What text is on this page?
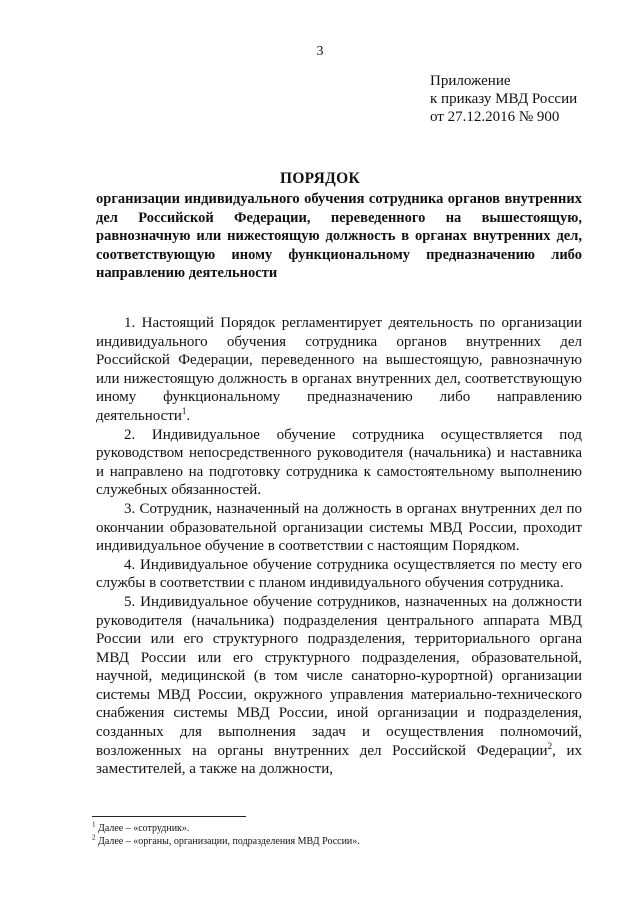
3
Приложение
к приказу МВД России
от 27.12.2016 № 900
ПОРЯДОК
организации индивидуального обучения сотрудника органов внутренних дел Российской Федерации, переведенного на вышестоящую, равнозначную или нижестоящую должность в органах внутренних дел, соответствующую иному функциональному предназначению либо направлению деятельности

1. Настоящий Порядок регламентирует деятельность по организации индивидуального обучения сотрудника органов внутренних дел Российской Федерации, переведенного на вышестоящую, равнозначную или нижестоящую должность в органах внутренних дел, соответствующую иному функциональному предназначению либо направлению деятельности$^1$.

2. Индивидуальное обучение сотрудника осуществляется под руководством непосредственного руководителя (начальника) и наставника и направлено на подготовку сотрудника к самостоятельному выполнению служебных обязанностей.

3. Сотрудник, назначенный на должность в органах внутренних дел по окончании образовательной организации системы МВД России, проходит индивидуальное обучение в соответствии с настоящим Порядком.

4. Индивидуальное обучение сотрудника осуществляется по месту его службы в соответствии с планом индивидуального обучения сотрудника.

5. Индивидуальное обучение сотрудников, назначенных на должности руководителя (начальника) подразделения центрального аппарата МВД России или его структурного подразделения, территориального органа МВД России или его структурного подразделения, образовательной, научной, медицинской (в том числе санаторно-курортной) организации системы МВД России, окружного управления материально-технического снабжения системы МВД России, иной организации и подразделения, созданных для выполнения задач и осуществления полномочий, возложенных на органы внутренних дел Российской Федерации$^2$, их заместителей, а также на должности,

$^1$ Далее – «сотрудник».
$^2$ Далее – «органы, организации, подразделения МВД России».
